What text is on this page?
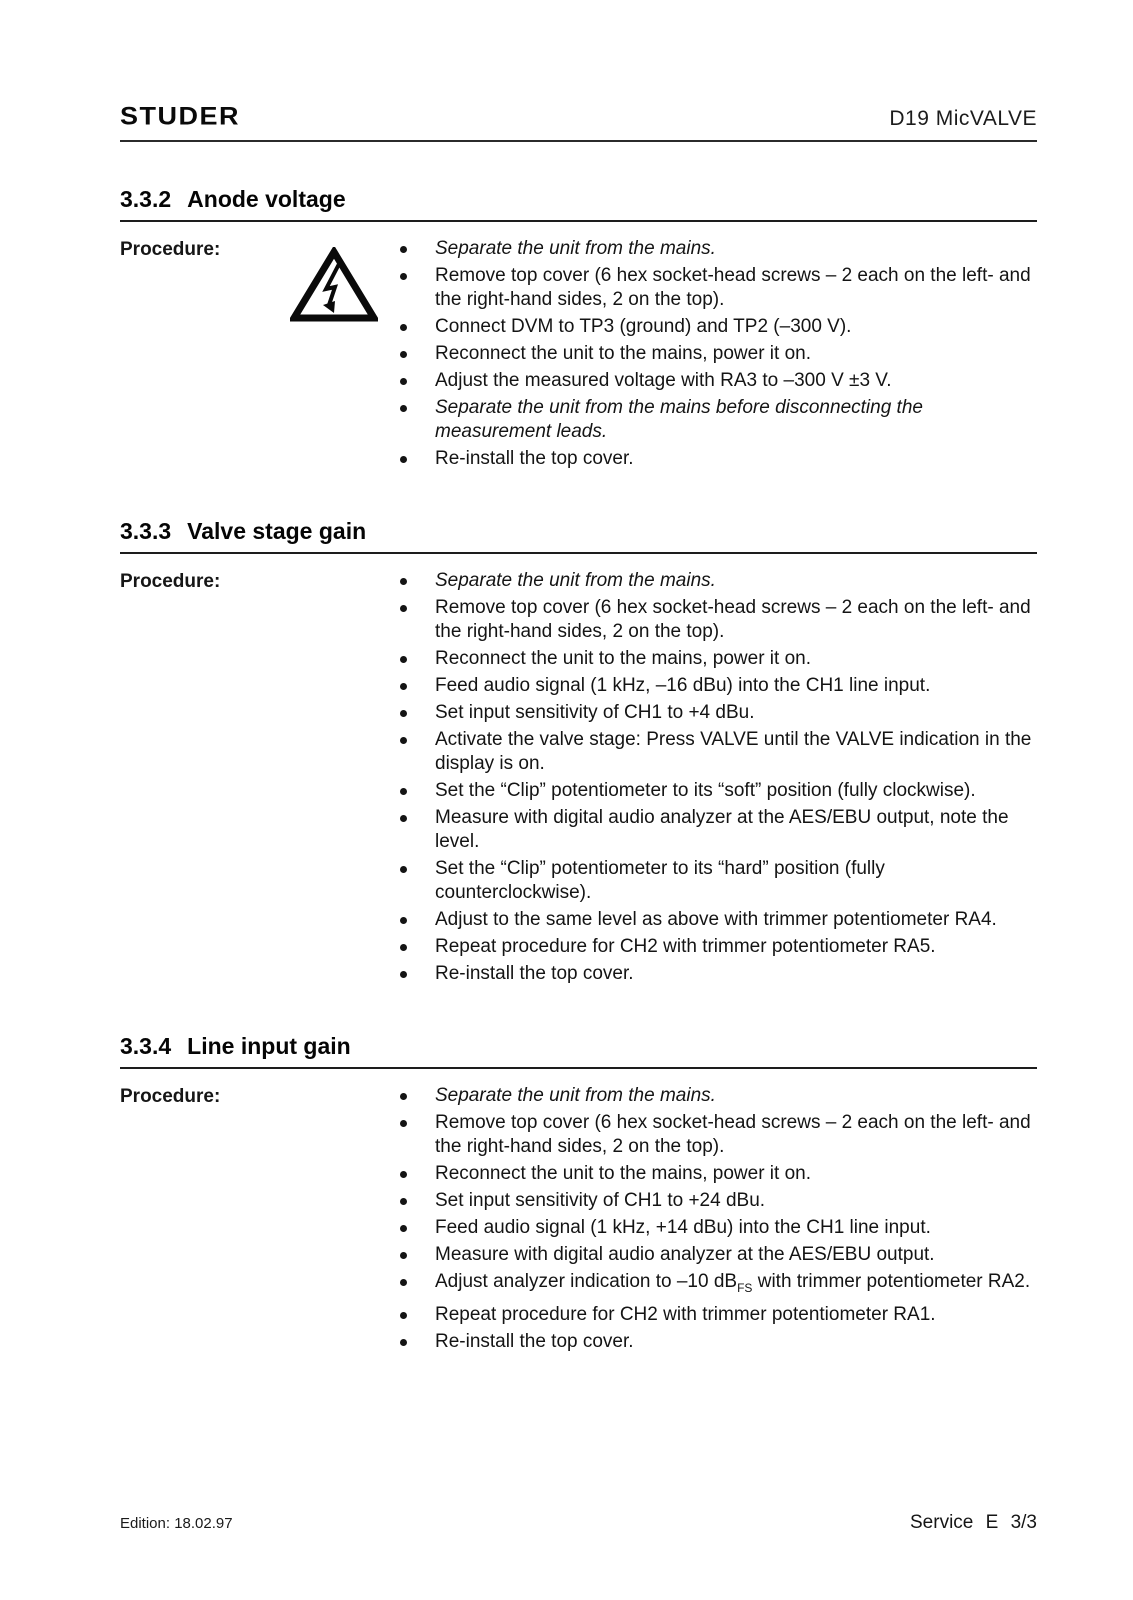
STUDER	D19 MicVALVE
3.3.2 Anode voltage
Procedure:	Separate the unit from the mains.
Remove top cover (6 hex socket-head screws – 2 each on the left- and the right-hand sides, 2 on the top).
Connect DVM to TP3 (ground) and TP2 (–300 V).
Reconnect the unit to the mains, power it on.
Adjust the measured voltage with RA3 to –300 V ±3 V.
Separate the unit from the mains before disconnecting the measurement leads.
Re-install the top cover.
3.3.3 Valve stage gain
Procedure:	Separate the unit from the mains.
Remove top cover (6 hex socket-head screws – 2 each on the left- and the right-hand sides, 2 on the top).
Reconnect the unit to the mains, power it on.
Feed audio signal (1 kHz, –16 dBu) into the CH1 line input.
Set input sensitivity of CH1 to +4 dBu.
Activate the valve stage: Press VALVE until the VALVE indication in the display is on.
Set the “Clip” potentiometer to its “soft” position (fully clockwise).
Measure with digital audio analyzer at the AES/EBU output, note the level.
Set the “Clip” potentiometer to its “hard” position (fully counterclockwise).
Adjust to the same level as above with trimmer potentiometer RA4.
Repeat procedure for CH2 with trimmer potentiometer RA5.
Re-install the top cover.
3.3.4 Line input gain
Procedure:	Separate the unit from the mains.
Remove top cover (6 hex socket-head screws – 2 each on the left- and the right-hand sides, 2 on the top).
Reconnect the unit to the mains, power it on.
Set input sensitivity of CH1 to +24 dBu.
Feed audio signal (1 kHz, +14 dBu) into the CH1 line input.
Measure with digital audio analyzer at the AES/EBU output.
Adjust analyzer indication to –10 $dB_{FS}$ with trimmer potentiometer RA2.
Repeat procedure for CH2 with trimmer potentiometer RA1.
Re-install the top cover.
Edition: 18.02.97	Service E 3/3
